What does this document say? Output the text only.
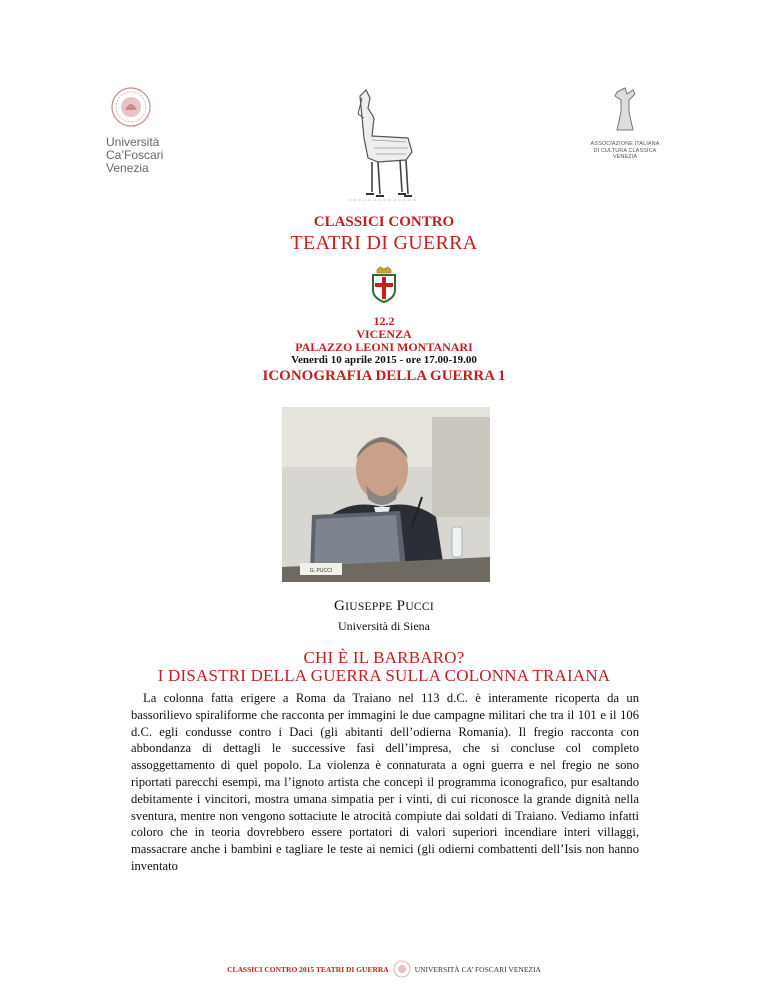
Università
Ca’Foscari
Venezia
ASSOCIAZIONE ITALIANA
DI CULTURA CLASSICA
VENEZIA
CLASSICI CONTRO
TEATRI DI GUERRA
12.2
VICENZA
PALAZZO LEONI MONTANARI
Venerdì 10 aprile 2015 - ore 17.00-19.00
ICONOGRAFIA DELLA GUERRA 1
G. PUCCI
GIUSEPPE PUCCI
Università di Siena
CHI È IL BARBARO?
I DISASTRI DELLA GUERRA SULLA COLONNA TRAIANA
La colonna fatta erigere a Roma da Traiano nel 113 d.C. è interamente ricoperta da un bassorilievo spiraliforme che racconta per immagini le due campagne militari che tra il 101 e il 106 d.C. egli condusse contro i Daci (gli abitanti dell’odierna Romania). Il fregio racconta con abbondanza di dettagli le successive fasi dell’impresa, che si concluse col completo assoggettamento di quel popolo. La violenza è connaturata a ogni guerra e nel fregio ne sono riportati parecchi esempi, ma l’ignoto artista che concepì il programma iconografico, pur esaltando debitamente i vincitori, mostra umana simpatia per i vinti, di cui riconosce la grande dignità nella sventura, mentre non vengono sottaciute le atrocità compiute dai soldati di Traiano. Vediamo infatti coloro che in teoria dovrebbero essere portatori di valori superiori incendiare interi villaggi, massacrare anche i bambini e tagliare le teste ai nemici (gli odierni combattenti dell’Isis non hanno inventato
CLASSICI CONTRO 2015 TEATRI DI GUERRA	UNIVERSITÀ CA’ FOSCARI VENEZIA
